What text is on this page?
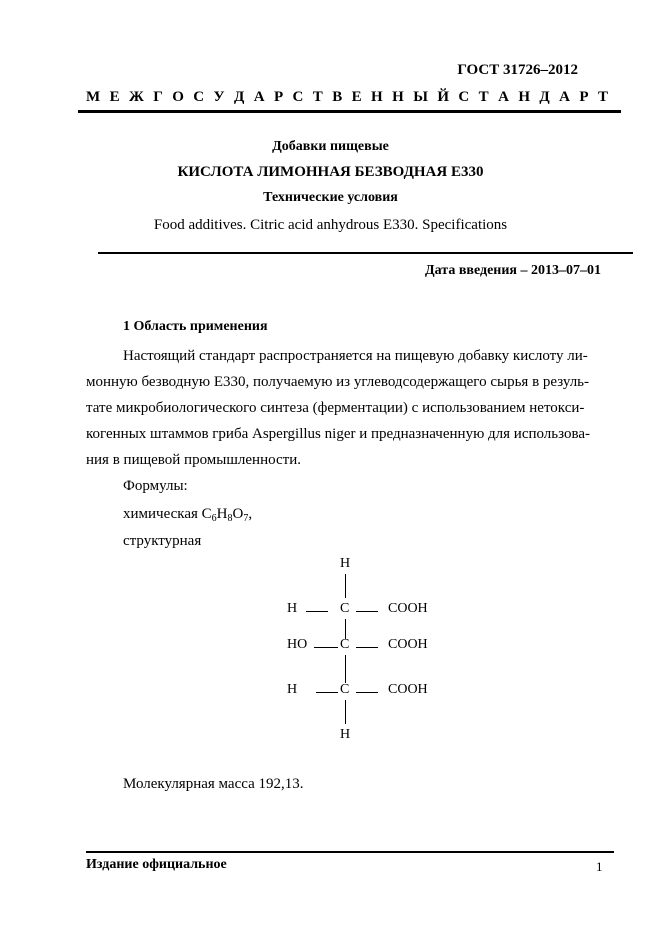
ГОСТ 31726–2012
М Е Ж Г О С У Д А Р С Т В Е Н Н Ы Й С Т А Н Д А Р Т
Добавки пищевые
КИСЛОТА ЛИМОННАЯ БЕЗВОДНАЯ Е330
Технические условия
Food additives. Citric acid anhydrous E330. Specifications
Дата введения – 2013–07–01
1 Область применения
Настоящий стандарт распространяется на пищевую добавку кислоту ли-
монную безводную Е330, получаемую из углеводсодержащего сырья в резуль-
тате микробиологического синтеза (ферментации) с использованием нетокси-
когенных штаммов гриба Aspergillus niger и предназначенную для использова-
ния в пищевой промышленности.
Формулы:
химическая $C_6H_8O_7$,
структурная
H
H	C	COOH
HO C	COOH
H	C	COOH
H
Молекулярная масса 192,13.
Издание официальное	1
